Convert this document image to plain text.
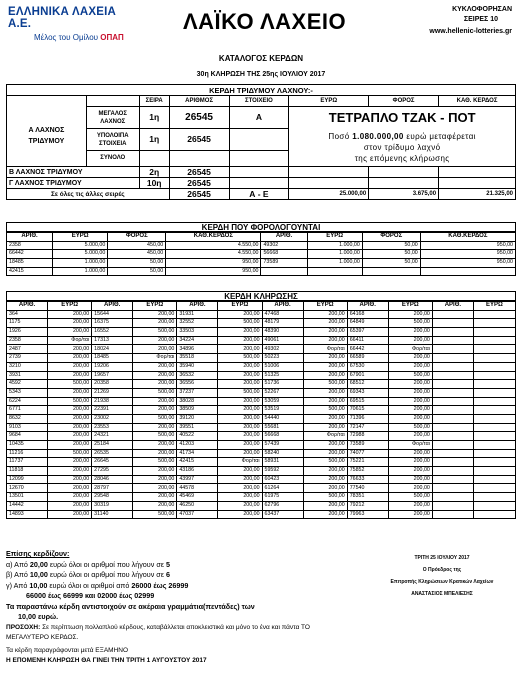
ΕΛΛΗΝΙΚΑ ΛΑΧΕΙΑ Α.Ε.
Μέλος του Ομίλου ΟΠΑΠ
ΛΑΪΚΟ ΛΑΧΕΙΟ	ΚΥΚΛΟΦΟΡΗΣΑΝ
ΣΕΙΡΕΣ 10
www.hellenic-lotteries.gr
ΚΑΤΑΛΟΓΟΣ ΚΕΡΔΩΝ
30η ΚΛΗΡΩΣΗ ΤΗΣ 25ης ΙΟΥΛΙΟΥ 2017
ΚΕΡΔΗ ΤΡΙΔΥΜΟΥ ΛΑΧΝΟΥ:-							
		ΣΕΙΡΑ	ΑΡΙΘΜΟΣ	ΣΤΟΙΧΕΙΟ	ΕΥΡΩ	ΦΟΡΟΣ	ΚΑΘ. ΚΕΡΔΟΣ
Α ΛΑΧΝΟΣ
ΤΡΙΔΥΜΟΥ	ΜΕΓΑΛΟΣ ΛΑΧΝΟΣ	1η	26545	Α	ΤΕΤΡΑΠΛΟ ΤΖΑΚ - ΠΟΤ		
	ΥΠΟΛΟΙΠΑ ΣΤΟΙΧΕΙΑ	1η	26545		Ποσό 1.080.000,00 ευρώ μεταφέρεται
στον τρίδυμο λαχνό
της επόμενης κλήρωσης		
	ΣΥΝΟΛΟ						
Β ΛΑΧΝΟΣ ΤΡΙΔΥΜΟΥ		2η	26545				
Γ ΛΑΧΝΟΣ ΤΡΙΔΥΜΟΥ		10η	26545				
Σε όλες τις άλλες σειρές			26545	Α - Ε	25.000,00	3.675,00	21.325,00
ΚΕΡΔΗ ΠΟΥ ΦΟΡΟΛΟΓΟΥΝΤΑΙ
ΑΡΙΘ.	ΕΥΡΩ	ΦΟΡΟΣ	ΚΑΘ.ΚΕΡΔΟΣ	ΑΡΙΘ.	ΕΥΡΩ	ΦΟΡΟΣ	ΚΑΘ.ΚΕΡΔΟΣ
2358	5.000,00	450,00	4.550,00	49302	1.000,00	50,00	950,00
66442	5.000,00	450,00	4.550,00	56668	1.000,00	50,00	950,00
18485	1.000,00	50,00	950,00	73589	1.000,00	50,00	950,00
42415	1.000,00	50,00	950,00				
ΚΕΡΔΗ ΚΛΗΡΩΣΗΣ
ΑΡΙΘ.	ΕΥΡΩ	ΑΡΙΘ.	ΕΥΡΩ	ΑΡΙΘ.	ΕΥΡΩ	ΑΡΙΘ.	ΕΥΡΩ	ΑΡΙΘ.	ΕΥΡΩ	ΑΡΙΘ.	ΕΥΡΩ
364	200,00	15644	200,00	31931	200,00	47468	200,00	64168	200,00		
1175	200,00	16375	200,00	32552	500,00	48179	200,00	64849	500,00		
1926	200,00	16552	500,00	33503	200,00	48390	200,00	65397	200,00		
2358	Φορ/ται	17313	200,00	34224	200,00	49061	200,00	66411	200,00		
2487	200,00	18024	200,00	34896	200,00	49302	Φορ/ται	66442	Φορ/ται		
2739	200,00	18485	Φορ/ται	35518	500,00	50223	200,00	66589	200,00		
3210	200,00	19206	200,00	35940	200,00	51006	200,00	67530	200,00		
3931	200,00	19657	200,00	36532	200,00	51325	200,00	67901	500,00		
4592	500,00	20358	200,00	36556	200,00	51736	500,00	68512	200,00		
5343	200,00	21269	500,00	37237	500,00	52267	200,00	69343	200,00		
6224	500,00	21938	200,00	38028	200,00	53059	200,00	69515	200,00		
6771	200,00	22391	200,00	38509	200,00	53519	500,00	70615	200,00		
8632	200,00	23002	500,00	39120	200,00	54440	200,00	71396	200,00		
9103	200,00	23553	200,00	39551	200,00	55681	200,00	72147	500,00		
9684	200,00	24321	500,00	40522	200,00	56668	Φορ/ται	72988	200,00		
10435	200,00	25184	200,00	41203	200,00	57439	200,00	73589	Φορ/ται		
11216	500,00	26535	200,00	41734	200,00	58240	200,00	74077	200,00		
11737	200,00	26645	500,00	42415	Φορ/ται	58931	500,00	75221	200,00		
11818	200,00	27295	200,00	43186	200,00	59592	200,00	75852	200,00		
12099	200,00	28046	200,00	43997	200,00	60423	200,00	76633	200,00		
12670	200,00	28797	200,00	44578	200,00	61264	200,00	77540	200,00		
13501	200,00	29548	200,00	45469	200,00	61975	500,00	78351	500,00		
14442	200,00	30319	200,00	46250	200,00	62796	200,00	79212	200,00		
14893	200,00	31140	500,00	47037	200,00	63437	200,00	79963	200,00		
Επίσης κερδίζουν:
α) Από 20,00 ευρώ όλοι οι αριθμοί που λήγουν σε 5
β) Από 10,00 ευρώ όλοι οι αριθμοί που λήγουν σε 6
γ) Από 10,00 ευρώ όλοι οι αριθμοί από 26000 έως 26999
66000 έως 66999 και 02000 έως 02999
Τα παραστάνω κέρδη αντιστοιχούν σε ακέραια γραμμάτια(πεντάδες) των
10,00 ευρώ.
ΠΡΟΣΟΧΗ: Σε περίπτωση πολλαπλού κέρδους, καταβάλλεται αποκλειστικά και μόνο το ένα και πάντα ΤΟ
ΜΕΓΑΛΥΤΕΡΟ ΚΕΡΔΟΣ.
Τα κέρδη παραγράφονται μετά ΕΞΑΜΗΝΟ
Η ΕΠΟΜΕΝΗ ΚΛΗΡΩΣΗ ΘΑ ΓΙΝΕΙ ΤΗΝ ΤΡΙΤΗ 1 ΑΥΓΟΥΣΤΟΥ 2017
ΤΡΙΤΗ 25 ΙΟΥΛΙΟΥ 2017
Ο Πρόεδρος της
Επιτροπής Κληρώσεων Κρατικών Λαχείων
ΑΝΑΣΤΑΣΙΟΣ ΜΠΕΛΙΕΣΗΣ
